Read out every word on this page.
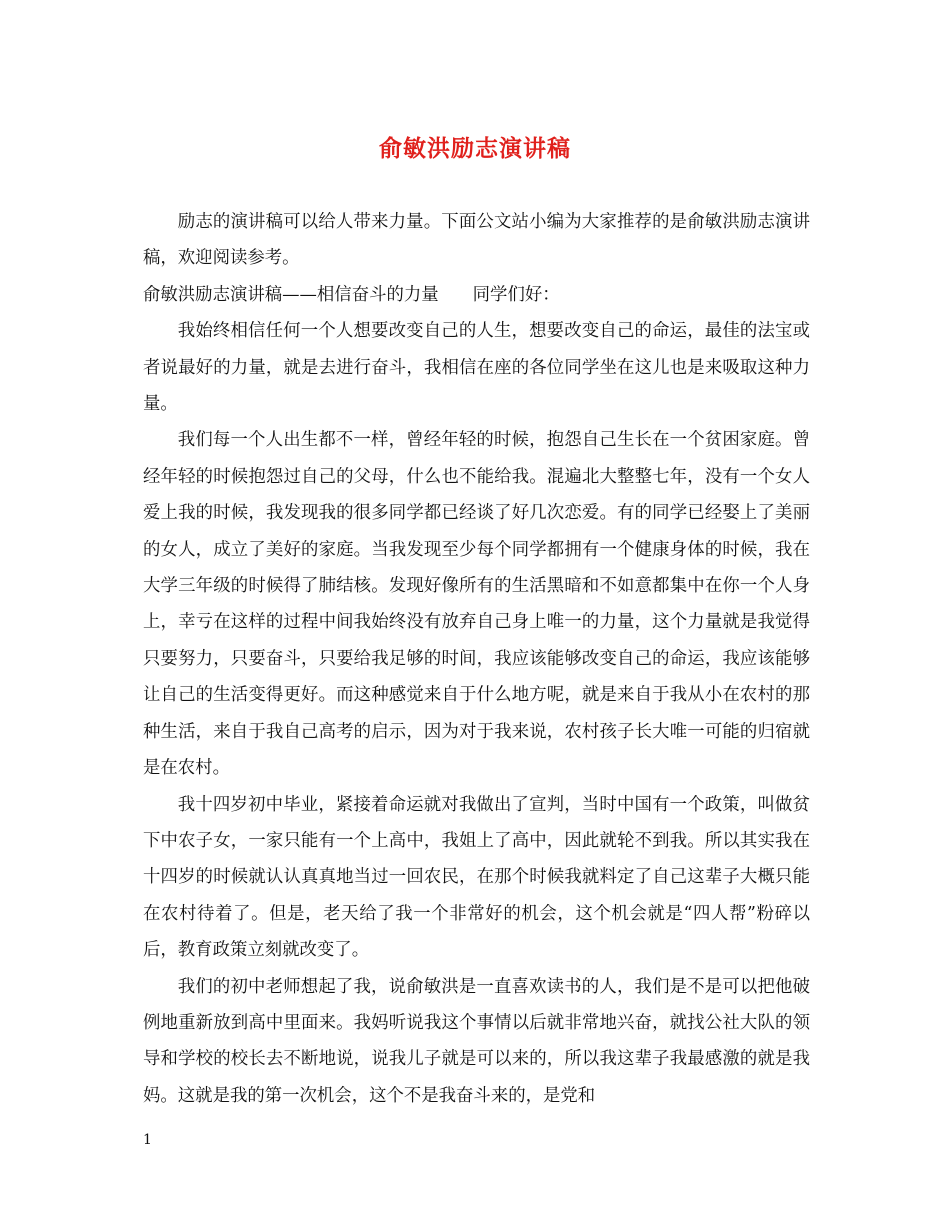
俞敏洪励志演讲稿

励志的演讲稿可以给人带来力量。下面公文站小编为大家推荐的是俞敏洪励志演讲稿，欢迎阅读参考。

俞敏洪励志演讲稿——相信奋斗的力量 同学们好：

我始终相信任何一个人想要改变自己的人生，想要改变自己的命运，最佳的法宝或者说最好的力量，就是去进行奋斗，我相信在座的各位同学坐在这儿也是来吸取这种力量。

我们每一个人出生都不一样，曾经年轻的时候，抱怨自己生长在一个贫困家庭。曾经年轻的时候抱怨过自己的父母，什么也不能给我。混遍北大整整七年，没有一个女人爱上我的时候，我发现我的很多同学都已经谈了好几次恋爱。有的同学已经娶上了美丽的女人，成立了美好的家庭。当我发现至少每个同学都拥有一个健康身体的时候，我在大学三年级的时候得了肺结核。发现好像所有的生活黑暗和不如意都集中在你一个人身上，幸亏在这样的过程中间我始终没有放弃自己身上唯一的力量，这个力量就是我觉得只要努力，只要奋斗，只要给我足够的时间，我应该能够改变自己的命运，我应该能够让自己的生活变得更好。而这种感觉来自于什么地方呢，就是来自于我从小在农村的那种生活，来自于我自己高考的启示，因为对于我来说，农村孩子长大唯一可能的归宿就是在农村。

我十四岁初中毕业，紧接着命运就对我做出了宣判，当时中国有一个政策，叫做贫下中农子女，一家只能有一个上高中，我姐上了高中，因此就轮不到我。所以其实我在十四岁的时候就认认真真地当过一回农民，在那个时候我就料定了自己这辈子大概只能在农村待着了。但是，老天给了我一个非常好的机会，这个机会就是“四人帮”粉碎以后，教育政策立刻就改变了。

我们的初中老师想起了我，说俞敏洪是一直喜欢读书的人，我们是不是可以把他破例地重新放到高中里面来。我妈听说我这个事情以后就非常地兴奋，就找公社大队的领导和学校的校长去不断地说，说我儿子就是可以来的，所以我这辈子我最感激的就是我妈。这就是我的第一次机会，这个不是我奋斗来的，是党和

1
